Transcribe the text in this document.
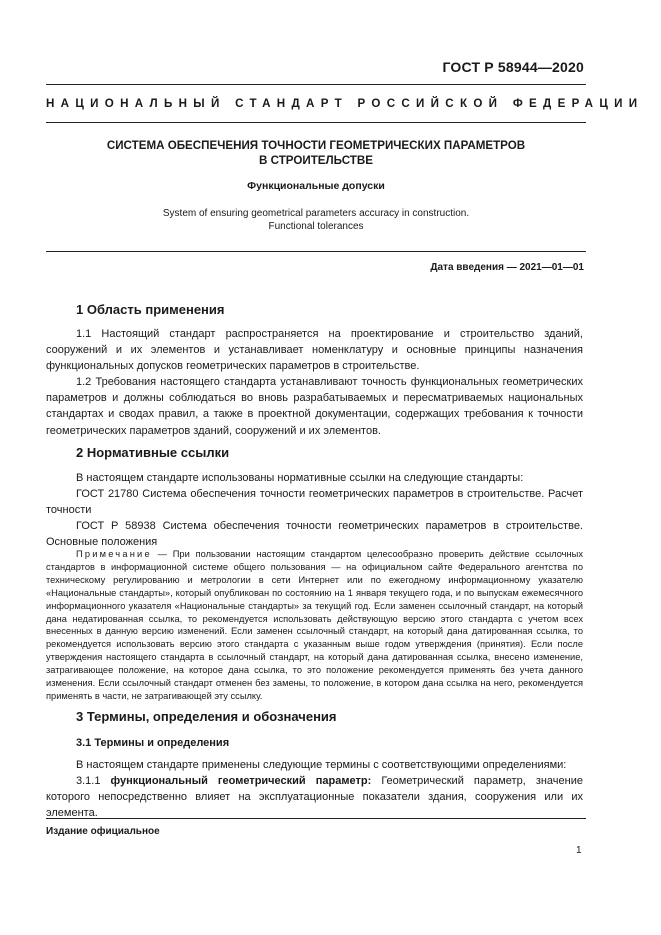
ГОСТ Р 58944—2020
НАЦИОНАЛЬНЫЙ СТАНДАРТ РОССИЙСКОЙ ФЕДЕРАЦИИ
СИСТЕМА ОБЕСПЕЧЕНИЯ ТОЧНОСТИ ГЕОМЕТРИЧЕСКИХ ПАРАМЕТРОВ
В СТРОИТЕЛЬСТВЕ
Функциональные допуски
System of ensuring geometrical parameters accuracy in construction.
Functional tolerances
Дата введения — 2021—01—01
1 Область применения
1.1 Настоящий стандарт распространяется на проектирование и строительство зданий, сооружений и их элементов и устанавливает номенклатуру и основные принципы назначения функциональных допусков геометрических параметров в строительстве.
1.2 Требования настоящего стандарта устанавливают точность функциональных геометрических параметров и должны соблюдаться во вновь разрабатываемых и пересматриваемых национальных стандартах и сводах правил, а также в проектной документации, содержащих требования к точности геометрических параметров зданий, сооружений и их элементов.
2 Нормативные ссылки
В настоящем стандарте использованы нормативные ссылки на следующие стандарты:
ГОСТ 21780 Система обеспечения точности геометрических параметров в строительстве. Расчет точности
ГОСТ Р 58938 Система обеспечения точности геометрических параметров в строительстве. Основные положения
Примечание — При пользовании настоящим стандартом целесообразно проверить действие ссылочных стандартов в информационной системе общего пользования — на официальном сайте Федерального агентства по техническому регулированию и метрологии в сети Интернет или по ежегодному информационному указателю «Национальные стандарты», который опубликован по состоянию на 1 января текущего года, и по выпускам ежемесячного информационного указателя «Национальные стандарты» за текущий год. Если заменен ссылочный стандарт, на который дана недатированная ссылка, то рекомендуется использовать действующую версию этого стандарта с учетом всех внесенных в данную версию изменений. Если заменен ссылочный стандарт, на который дана датированная ссылка, то рекомендуется использовать версию этого стандарта с указанным выше годом утверждения (принятия). Если после утверждения настоящего стандарта в ссылочный стандарт, на который дана датированная ссылка, внесено изменение, затрагивающее положение, на которое дана ссылка, то это положение рекомендуется применять без учета данного изменения. Если ссылочный стандарт отменен без замены, то положение, в котором дана ссылка на него, рекомендуется применять в части, не затрагивающей эту ссылку.
3 Термины, определения и обозначения
3.1 Термины и определения
В настоящем стандарте применены следующие термины с соответствующими определениями:
3.1.1 функциональный геометрический параметр: Геометрический параметр, значение которого непосредственно влияет на эксплуатационные показатели здания, сооружения или их элемента.
Издание официальное
1
